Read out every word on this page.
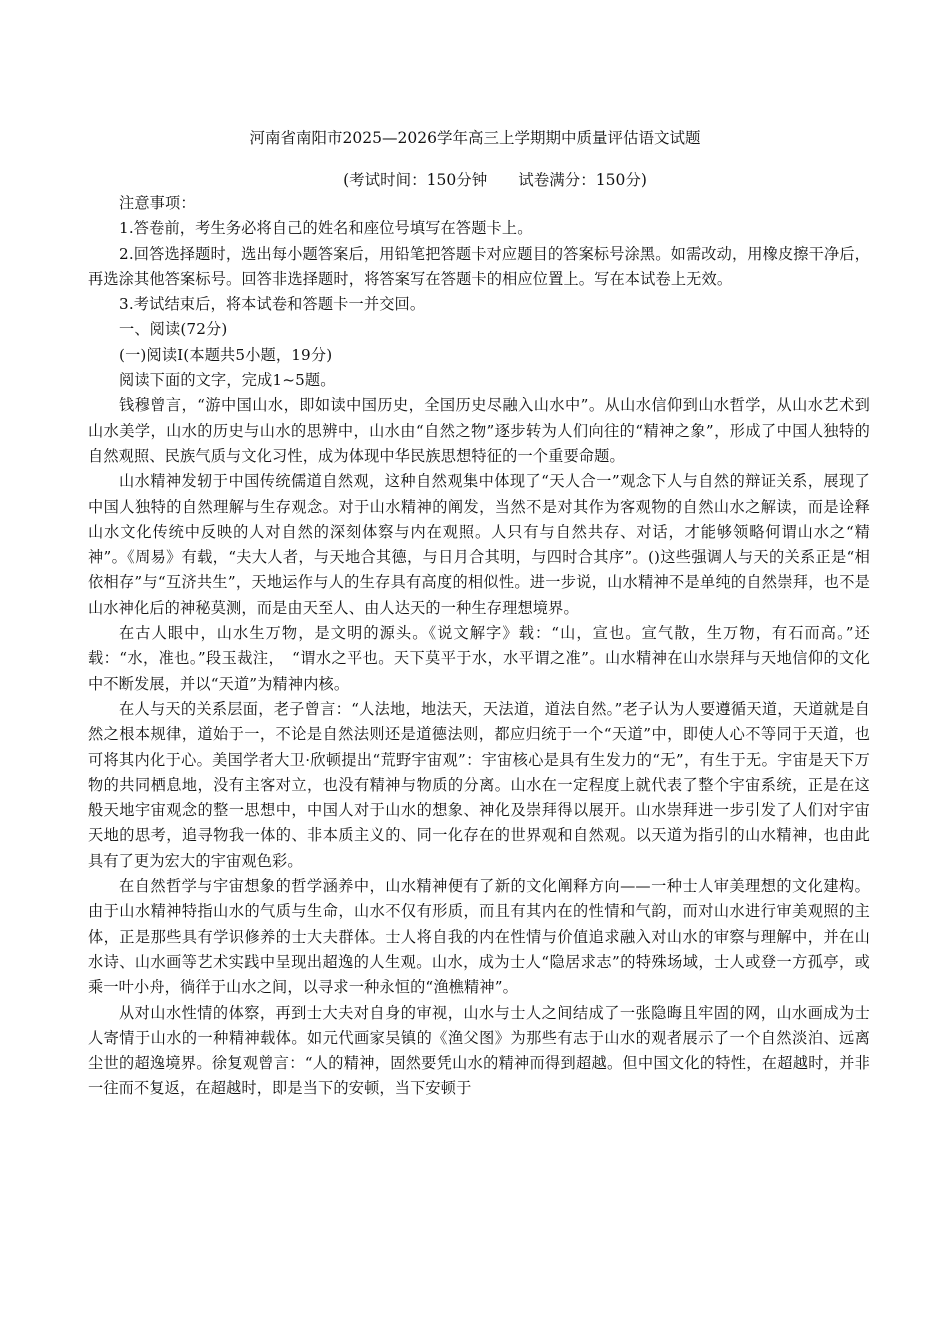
河南省南阳市2025—2026学年高三上学期期中质量评估语文试题
(考试时间：150分钟　　试卷满分：150分)

注意事项：

1.答卷前，考生务必将自己的姓名和座位号填写在答题卡上。

2.回答选择题时，选出每小题答案后，用铅笔把答题卡对应题目的答案标号涂黑。如需改动，用橡皮擦干净后，再选涂其他答案标号。回答非选择题时，将答案写在答题卡的相应位置上。写在本试卷上无效。

3.考试结束后，将本试卷和答题卡一并交回。

一、阅读(72分)

(一)阅读Ⅰ(本题共5小题，19分)

阅读下面的文字，完成1~5题。

钱穆曾言，“游中国山水，即如读中国历史，全国历史尽融入山水中”。从山水信仰到山水哲学，从山水艺术到山水美学，山水的历史与山水的思辨中，山水由“自然之物”逐步转为人们向往的“精神之象”，形成了中国人独特的自然观照、民族气质与文化习性，成为体现中华民族思想特征的一个重要命题。

山水精神发轫于中国传统儒道自然观，这种自然观集中体现了“天人合一”观念下人与自然的辩证关系，展现了中国人独特的自然理解与生存观念。对于山水精神的阐发，当然不是对其作为客观物的自然山水之解读，而是诠释山水文化传统中反映的人对自然的深刻体察与内在观照。人只有与自然共存、对话，才能够领略何谓山水之“精神”。《周易》有载，“夫大人者，与天地合其德，与日月合其明，与四时合其序”。()这些强调人与天的关系正是“相依相存”与“互济共生”，天地运作与人的生存具有高度的相似性。进一步说，山水精神不是单纯的自然崇拜，也不是山水神化后的神秘莫测，而是由天至人、由人达天的一种生存理想境界。

在古人眼中，山水生万物，是文明的源头。《说文解字》载：“山，宣也。宣气散，生万物，有石而高。”还载：“水，准也。”段玉裁注，　“谓水之平也。天下莫平于水，水平谓之准”。山水精神在山水崇拜与天地信仰的文化中不断发展，并以“天道”为精神内核。

在人与天的关系层面，老子曾言：“人法地，地法天，天法道，道法自然。”老子认为人要遵循天道，天道就是自然之根本规律，道始于一，不论是自然法则还是道德法则，都应归统于一个“天道”中，即使人心不等同于天道，也可将其内化于心。美国学者大卫·欣顿提出“荒野宇宙观”：宇宙核心是具有生发力的“无”，有生于无。宇宙是天下万物的共同栖息地，没有主客对立，也没有精神与物质的分离。山水在一定程度上就代表了整个宇宙系统，正是在这般天地宇宙观念的整一思想中，中国人对于山水的想象、神化及崇拜得以展开。山水崇拜进一步引发了人们对宇宙天地的思考，追寻物我一体的、非本质主义的、同一化存在的世界观和自然观。以天道为指引的山水精神，也由此具有了更为宏大的宇宙观色彩。

在自然哲学与宇宙想象的哲学涵养中，山水精神便有了新的文化阐释方向——一种士人审美理想的文化建构。由于山水精神特指山水的气质与生命，山水不仅有形质，而且有其内在的性情和气韵，而对山水进行审美观照的主体，正是那些具有学识修养的士大夫群体。士人将自我的内在性情与价值追求融入对山水的审察与理解中，并在山水诗、山水画等艺术实践中呈现出超逸的人生观。山水，成为士人“隐居求志”的特殊场域，士人或登一方孤亭，或乘一叶小舟，徜徉于山水之间，以寻求一种永恒的“渔樵精神”。

从对山水性情的体察，再到士大夫对自身的审视，山水与士人之间结成了一张隐晦且牢固的网，山水画成为士人寄情于山水的一种精神载体。如元代画家吴镇的《渔父图》为那些有志于山水的观者展示了一个自然淡泊、远离尘世的超逸境界。徐复观曾言：“人的精神，固然要凭山水的精神而得到超越。但中国文化的特性，在超越时，并非一往而不复返，在超越时，即是当下的安顿，当下安顿于
